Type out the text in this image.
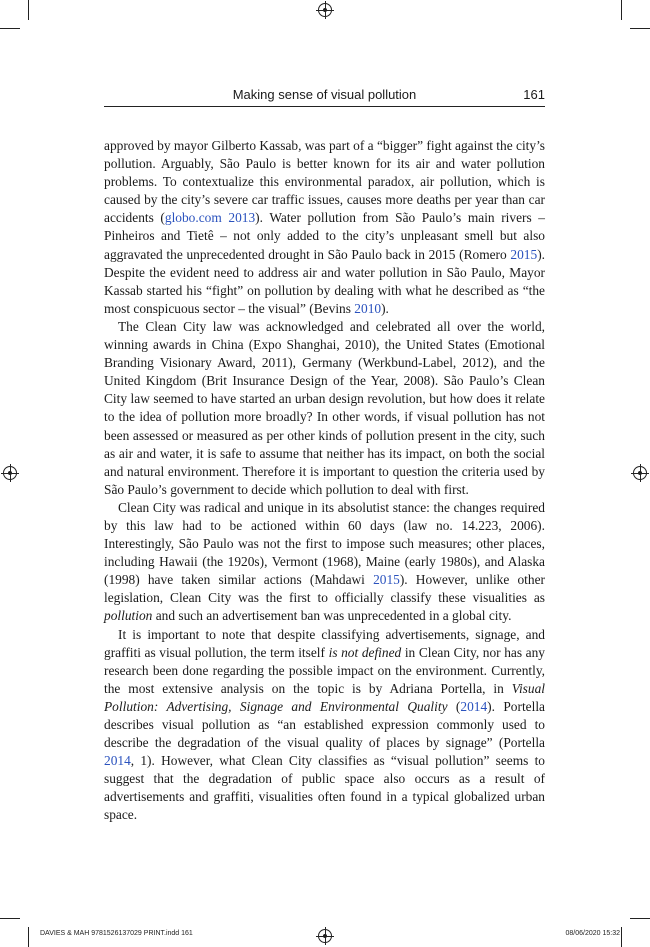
Making sense of visual pollution	161

approved by mayor Gilberto Kassab, was part of a “bigger” fight against the city’s pollution. Arguably, São Paulo is better known for its air and water pollution problems. To contextualize this environmental paradox, air pollution, which is caused by the city’s severe car traffic issues, causes more deaths per year than car accidents (globo.com 2013). Water pollution from São Paulo’s main rivers – Pinheiros and Tietê – not only added to the city’s unpleasant smell but also aggravated the unprecedented drought in São Paulo back in 2015 (Romero 2015). Despite the evident need to address air and water pollution in São Paulo, Mayor Kassab started his “fight” on pollution by dealing with what he described as “the most conspicuous sector – the visual” (Bevins 2010).

The Clean City law was acknowledged and celebrated all over the world, winning awards in China (Expo Shanghai, 2010), the United States (Emotional Branding Visionary Award, 2011), Germany (Werkbund-Label, 2012), and the United Kingdom (Brit Insurance Design of the Year, 2008). São Paulo’s Clean City law seemed to have started an urban design revolution, but how does it relate to the idea of pollution more broadly? In other words, if visual pollution has not been assessed or measured as per other kinds of pollution present in the city, such as air and water, it is safe to assume that neither has its impact, on both the social and natural environment. Therefore it is important to question the criteria used by São Paulo’s government to decide which pollution to deal with first.

Clean City was radical and unique in its absolutist stance: the changes required by this law had to be actioned within 60 days (law no. 14.223, 2006). Interestingly, São Paulo was not the first to impose such measures; other places, including Hawaii (the 1920s), Vermont (1968), Maine (early 1980s), and Alaska (1998) have taken similar actions (Mahdawi 2015). However, unlike other legislation, Clean City was the first to officially classify these visualities as pollution and such an advertisement ban was unprecedented in a global city.

It is important to note that despite classifying advertisements, signage, and graffiti as visual pollution, the term itself is not defined in Clean City, nor has any research been done regarding the possible impact on the environment. Currently, the most extensive analysis on the topic is by Adriana Portella, in Visual Pollution: Advertising, Signage and Environmental Quality (2014). Portella describes visual pollution as “an established expression commonly used to describe the degradation of the visual quality of places by signage” (Portella 2014, 1). However, what Clean City classifies as “visual pollution” seems to suggest that the degradation of public space also occurs as a result of advertisements and graffiti, visualities often found in a typical globalized urban space.

DAVIES & MAH 9781526137029 PRINT.indd 161	08/06/2020 15:32
